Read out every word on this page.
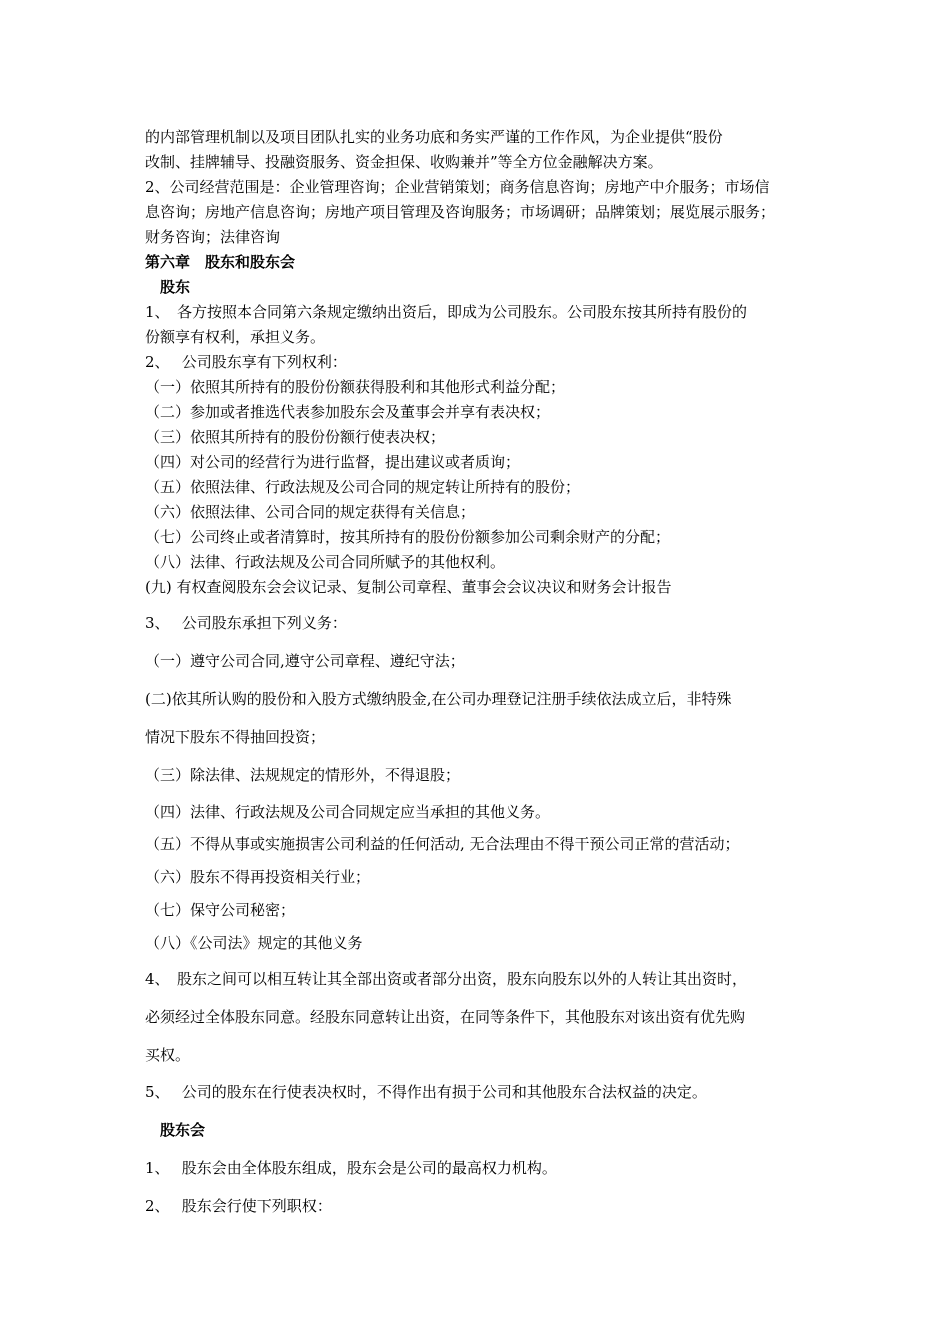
的内部管理机制以及项目团队扎实的业务功底和务实严谨的工作作风，为企业提供“股份
改制、挂牌辅导、投融资服务、资金担保、收购兼并”等全方位金融解决方案。
2、公司经营范围是：企业管理咨询；企业营销策划；商务信息咨询；房地产中介服务；市场信
息咨询；房地产信息咨询；房地产项目管理及咨询服务；市场调研；品牌策划；展览展示服务；
财务咨询；法律咨询
第六章　股东和股东会
　股东
1、　各方按照本合同第六条规定缴纳出资后，即成为公司股东。公司股东按其所持有股份的
份额享有权利，承担义务。
2、　 公司股东享有下列权利：
（一）依照其所持有的股份份额获得股利和其他形式利益分配；
（二）参加或者推选代表参加股东会及董事会并享有表决权；
（三）依照其所持有的股份份额行使表决权；
（四）对公司的经营行为进行监督，提出建议或者质询；
（五）依照法律、行政法规及公司合同的规定转让所持有的股份；
（六）依照法律、公司合同的规定获得有关信息；
（七）公司终止或者清算时，按其所持有的股份份额参加公司剩余财产的分配；
（八）法律、行政法规及公司合同所赋予的其他权利。
(九) 有权查阅股东会会议记录、复制公司章程、董事会会议决议和财务会计报告
3、　 公司股东承担下列义务：
（一）遵守公司合同,遵守公司章程、遵纪守法；
(二)依其所认购的股份和入股方式缴纳股金,在公司办理登记注册手续依法成立后，非特殊
情况下股东不得抽回投资；
（三）除法律、法规规定的情形外，不得退股；
（四）法律、行政法规及公司合同规定应当承担的其他义务。
（五）不得从事或实施损害公司利益的任何活动, 无合法理由不得干预公司正常的营活动；
（六）股东不得再投资相关行业；
（七）保守公司秘密；
（八）《公司法》规定的其他义务
4、　股东之间可以相互转让其全部出资或者部分出资，股东向股东以外的人转让其出资时，
必须经过全体股东同意。经股东同意转让出资，在同等条件下，其他股东对该出资有优先购
买权。
5、　 公司的股东在行使表决权时，不得作出有损于公司和其他股东合法权益的决定。
　股东会
1、　 股东会由全体股东组成，股东会是公司的最高权力机构。
2、　 股东会行使下列职权：
